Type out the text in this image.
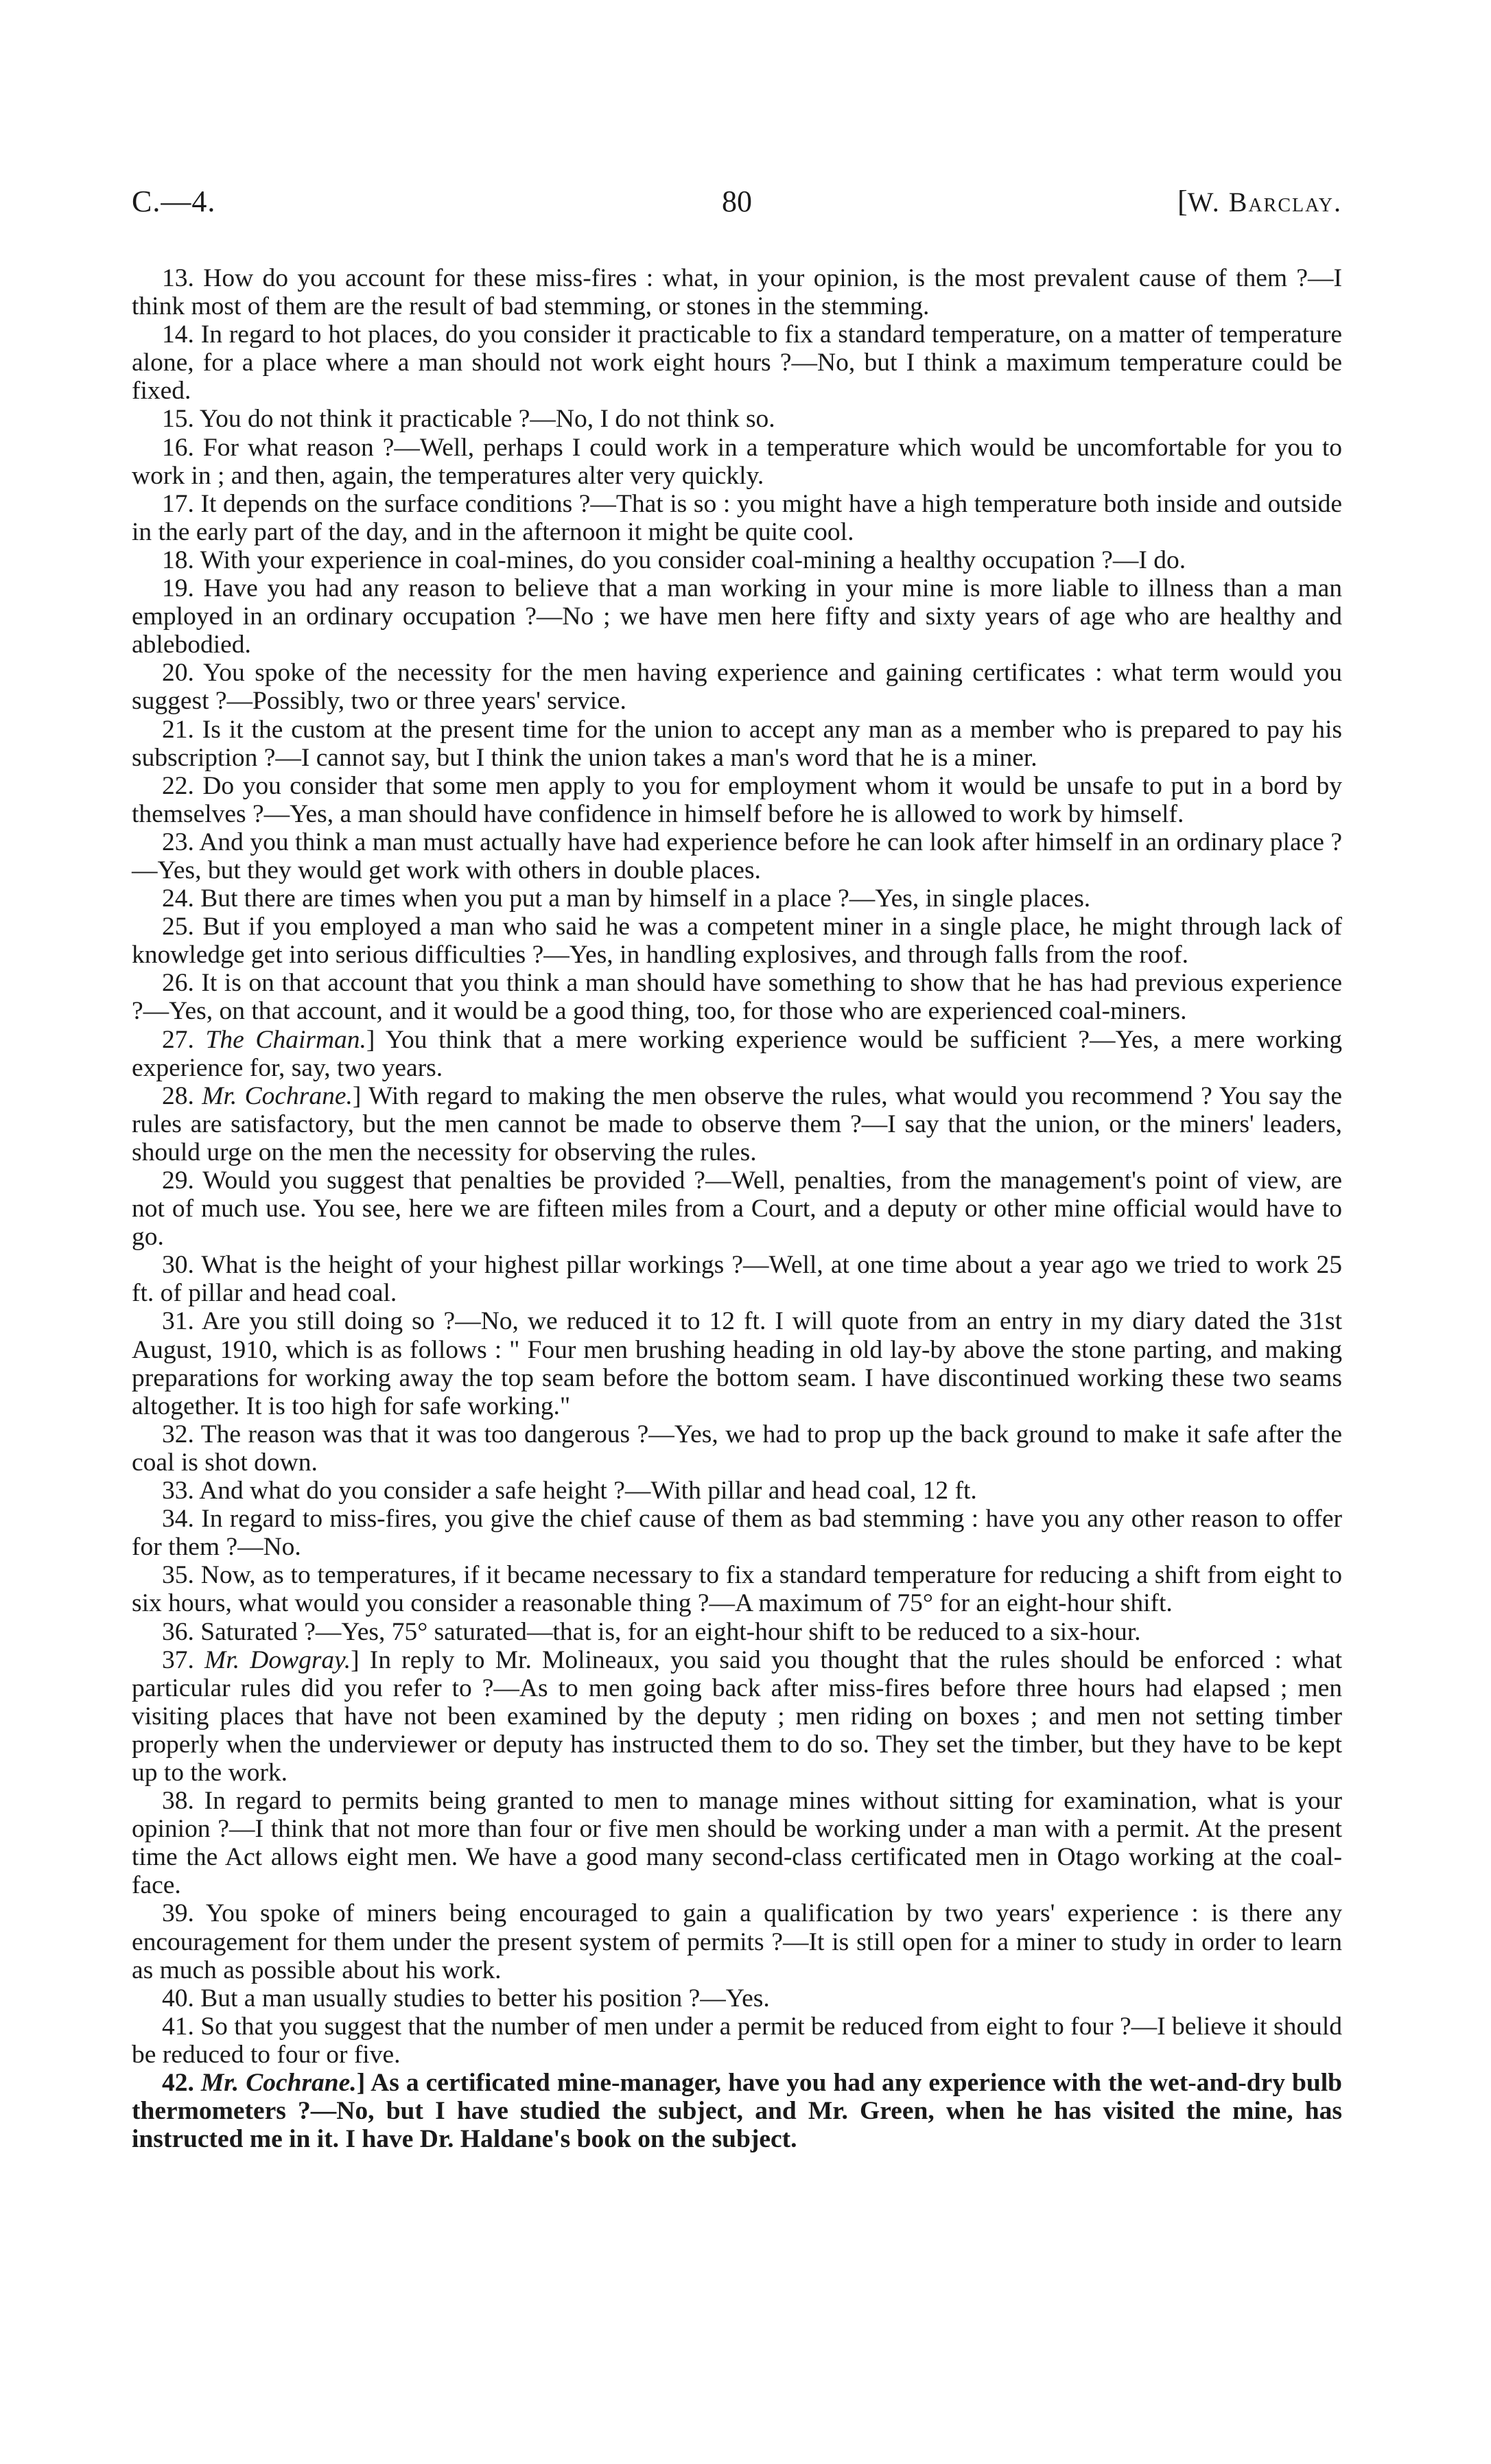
C.—4.	80	[W. Barclay.

13. How do you account for these miss-fires : what, in your opinion, is the most prevalent cause of them ?—I think most of them are the result of bad stemming, or stones in the stemming.

14. In regard to hot places, do you consider it practicable to fix a standard temperature, on a matter of temperature alone, for a place where a man should not work eight hours ?—No, but I think a maximum temperature could be fixed.

15. You do not think it practicable ?—No, I do not think so.

16. For what reason ?—Well, perhaps I could work in a temperature which would be uncomfortable for you to work in ; and then, again, the temperatures alter very quickly.

17. It depends on the surface conditions ?—That is so : you might have a high temperature both inside and outside in the early part of the day, and in the afternoon it might be quite cool.

18. With your experience in coal-mines, do you consider coal-mining a healthy occupation ?—I do.

19. Have you had any reason to believe that a man working in your mine is more liable to illness than a man employed in an ordinary occupation ?—No ; we have men here fifty and sixty years of age who are healthy and ablebodied.

20. You spoke of the necessity for the men having experience and gaining certificates : what term would you suggest ?—Possibly, two or three years' service.

21. Is it the custom at the present time for the union to accept any man as a member who is prepared to pay his subscription ?—I cannot say, but I think the union takes a man's word that he is a miner.

22. Do you consider that some men apply to you for employment whom it would be unsafe to put in a bord by themselves ?—Yes, a man should have confidence in himself before he is allowed to work by himself.

23. And you think a man must actually have had experience before he can look after himself in an ordinary place ?—Yes, but they would get work with others in double places.

24. But there are times when you put a man by himself in a place ?—Yes, in single places.

25. But if you employed a man who said he was a competent miner in a single place, he might through lack of knowledge get into serious difficulties ?—Yes, in handling explosives, and through falls from the roof.

26. It is on that account that you think a man should have something to show that he has had previous experience ?—Yes, on that account, and it would be a good thing, too, for those who are experienced coal-miners.

27. The Chairman.] You think that a mere working experience would be sufficient ?—Yes, a mere working experience for, say, two years.

28. Mr. Cochrane.] With regard to making the men observe the rules, what would you recommend ? You say the rules are satisfactory, but the men cannot be made to observe them ?—I say that the union, or the miners' leaders, should urge on the men the necessity for observing the rules.

29. Would you suggest that penalties be provided ?—Well, penalties, from the management's point of view, are not of much use. You see, here we are fifteen miles from a Court, and a deputy or other mine official would have to go.

30. What is the height of your highest pillar workings ?—Well, at one time about a year ago we tried to work 25 ft. of pillar and head coal.

31. Are you still doing so ?—No, we reduced it to 12 ft. I will quote from an entry in my diary dated the 31st August, 1910, which is as follows : " Four men brushing heading in old lay-by above the stone parting, and making preparations for working away the top seam before the bottom seam. I have discontinued working these two seams altogether. It is too high for safe working."

32. The reason was that it was too dangerous ?—Yes, we had to prop up the back ground to make it safe after the coal is shot down.

33. And what do you consider a safe height ?—With pillar and head coal, 12 ft.

34. In regard to miss-fires, you give the chief cause of them as bad stemming : have you any other reason to offer for them ?—No.

35. Now, as to temperatures, if it became necessary to fix a standard temperature for reducing a shift from eight to six hours, what would you consider a reasonable thing ?—A maximum of 75° for an eight-hour shift.

36. Saturated ?—Yes, 75° saturated—that is, for an eight-hour shift to be reduced to a six-hour.

37. Mr. Dowgray.] In reply to Mr. Molineaux, you said you thought that the rules should be enforced : what particular rules did you refer to ?—As to men going back after miss-fires before three hours had elapsed ; men visiting places that have not been examined by the deputy ; men riding on boxes ; and men not setting timber properly when the underviewer or deputy has instructed them to do so. They set the timber, but they have to be kept up to the work.

38. In regard to permits being granted to men to manage mines without sitting for examination, what is your opinion ?—I think that not more than four or five men should be working under a man with a permit. At the present time the Act allows eight men. We have a good many second-class certificated men in Otago working at the coal-face.

39. You spoke of miners being encouraged to gain a qualification by two years' experience : is there any encouragement for them under the present system of permits ?—It is still open for a miner to study in order to learn as much as possible about his work.

40. But a man usually studies to better his position ?—Yes.

41. So that you suggest that the number of men under a permit be reduced from eight to four ?—I believe it should be reduced to four or five.

42. Mr. Cochrane.] As a certificated mine-manager, have you had any experience with the wet-and-dry bulb thermometers ?—No, but I have studied the subject, and Mr. Green, when he has visited the mine, has instructed me in it. I have Dr. Haldane's book on the subject.
